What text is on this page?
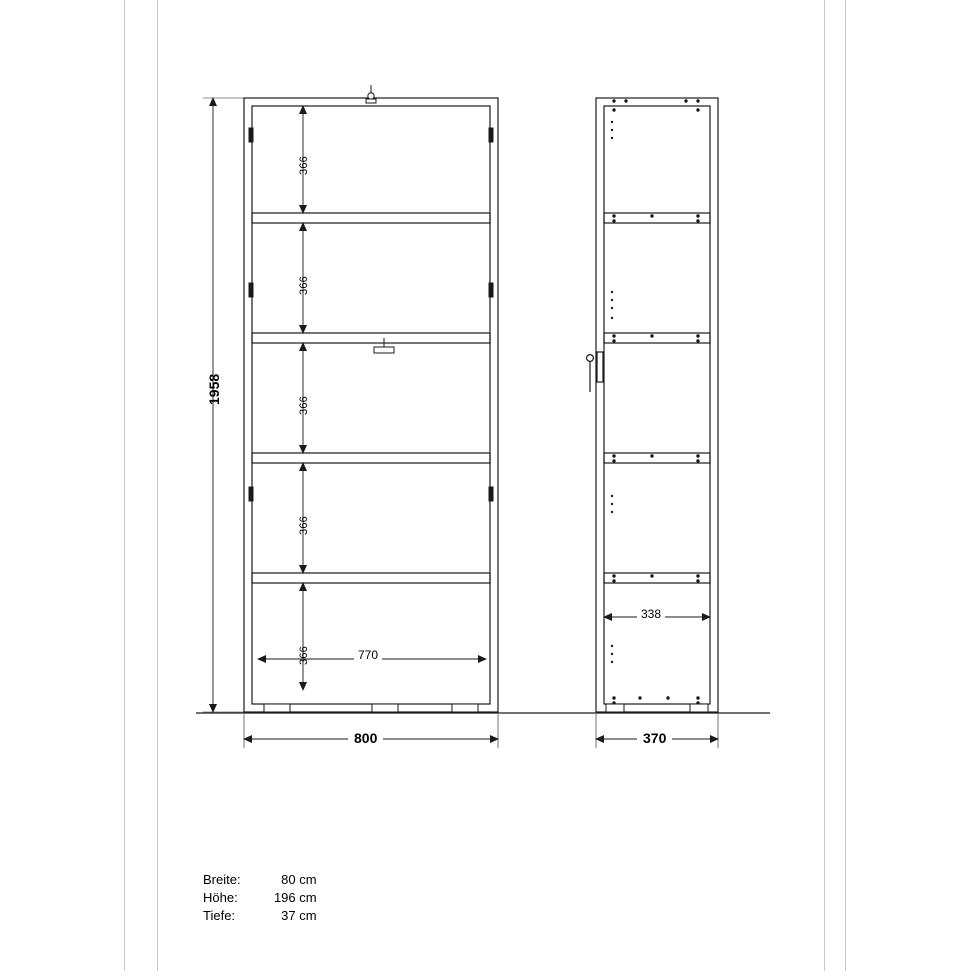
1958
366
366
366
366
366	770
800
338
370
Breite:	80 cm
Höhe:	196 cm
Tiefe:	37 cm
